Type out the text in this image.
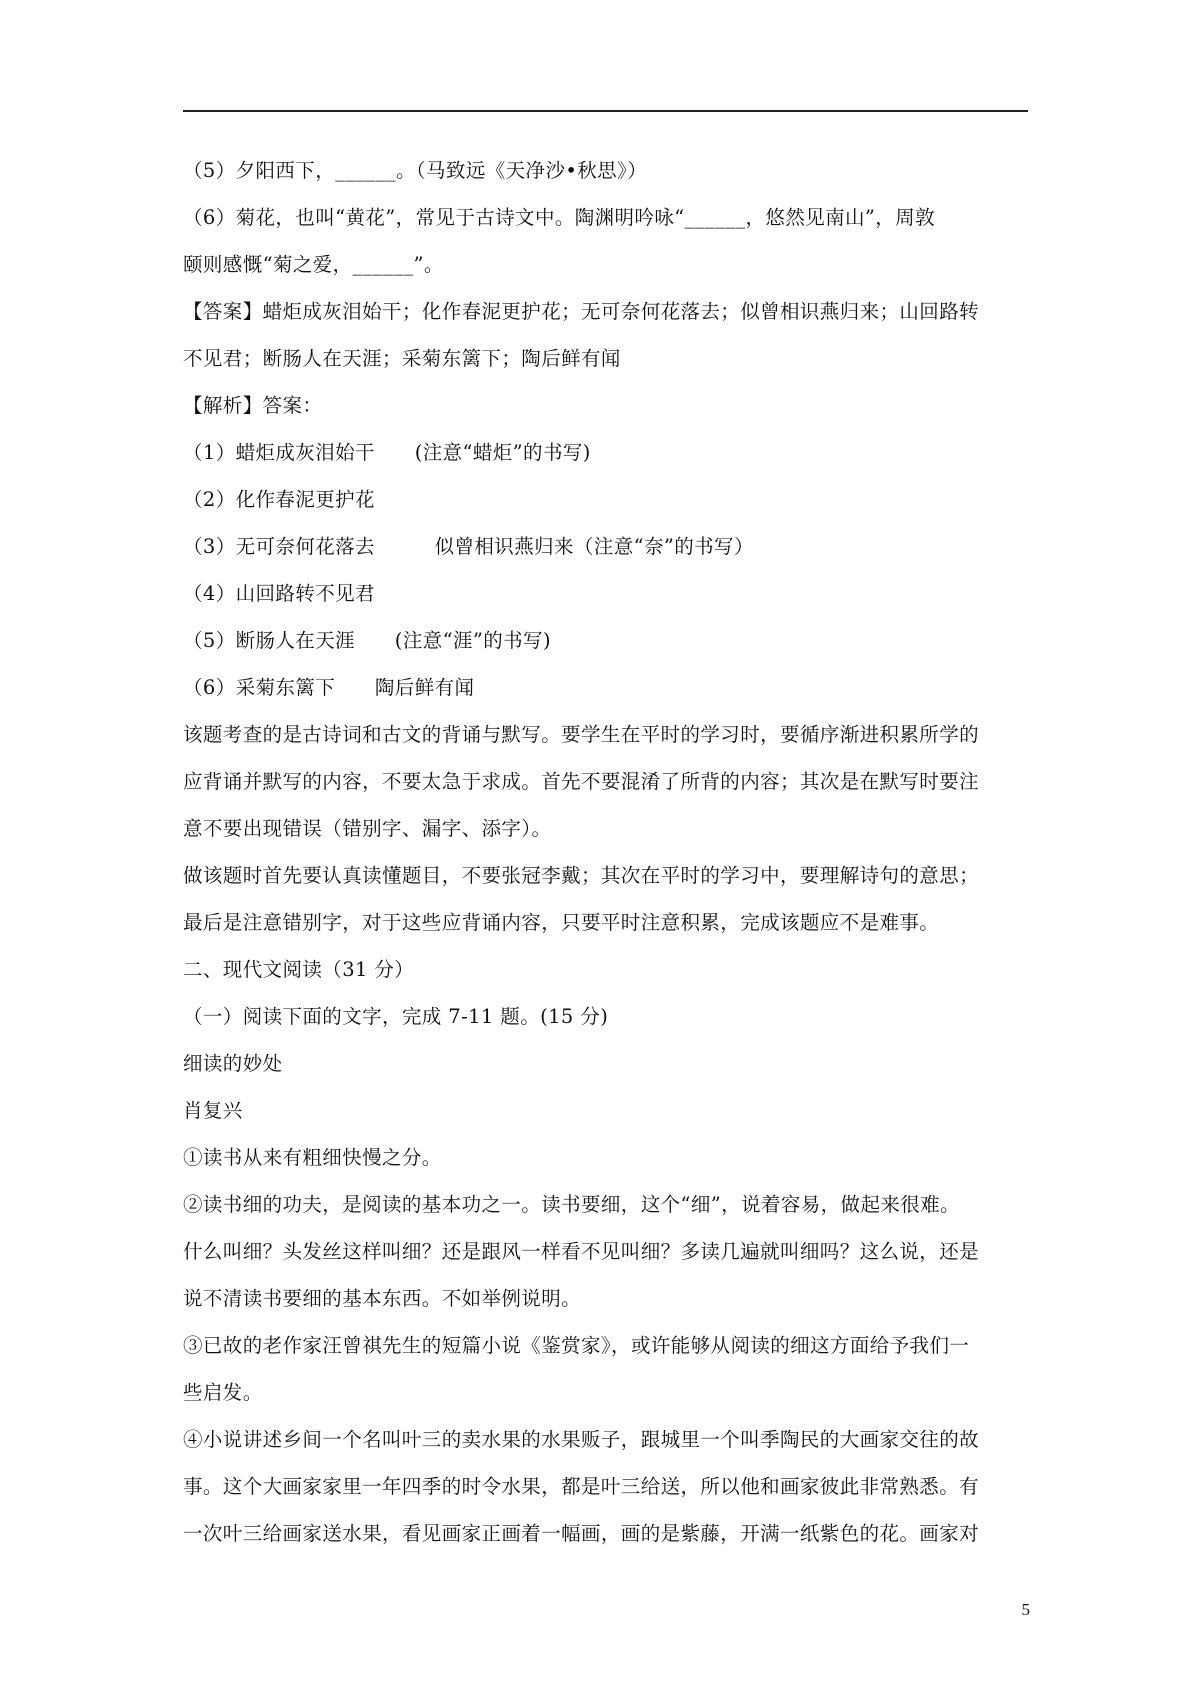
（5）夕阳西下，______。（马致远《天净沙•秋思》）
（6）菊花，也叫“黄花”，常见于古诗文中。陶渊明吟咏“______，悠然见南山”，周敦
颐则感慨“菊之爱，______”。
【答案】蜡炬成灰泪始干；化作春泥更护花；无可奈何花落去；似曾相识燕归来；山回路转
不见君；断肠人在天涯；采菊东篱下；陶后鲜有闻
【解析】答案：
（1）蜡炬成灰泪始干　　(注意“蜡炬”的书写)
（2）化作春泥更护花
（3）无可奈何花落去　　　似曾相识燕归来（注意“奈”的书写）
（4）山回路转不见君
（5）断肠人在天涯　　(注意“涯”的书写)
（6）采菊东篱下　　陶后鲜有闻
该题考查的是古诗词和古文的背诵与默写。要学生在平时的学习时，要循序渐进积累所学的
应背诵并默写的内容，不要太急于求成。首先不要混淆了所背的内容；其次是在默写时要注
意不要出现错误（错别字、漏字、添字）。
做该题时首先要认真读懂题目，不要张冠李戴；其次在平时的学习中，要理解诗句的意思；
最后是注意错别字，对于这些应背诵内容，只要平时注意积累，完成该题应不是难事。
二、现代文阅读（31 分）
（一）阅读下面的文字，完成 7-11 题。(15 分)
细读的妙处
肖复兴
①读书从来有粗细快慢之分。
②读书细的功夫，是阅读的基本功之一。读书要细，这个“细”，说着容易，做起来很难。
什么叫细？头发丝这样叫细？还是跟风一样看不见叫细？多读几遍就叫细吗？这么说，还是
说不清读书要细的基本东西。不如举例说明。
③已故的老作家汪曾祺先生的短篇小说《鉴赏家》，或许能够从阅读的细这方面给予我们一
些启发。
④小说讲述乡间一个名叫叶三的卖水果的水果贩子，跟城里一个叫季陶民的大画家交往的故
事。这个大画家家里一年四季的时令水果，都是叶三给送，所以他和画家彼此非常熟悉。有
一次叶三给画家送水果，看见画家正画着一幅画，画的是紫藤，开满一纸紫色的花。画家对
5
